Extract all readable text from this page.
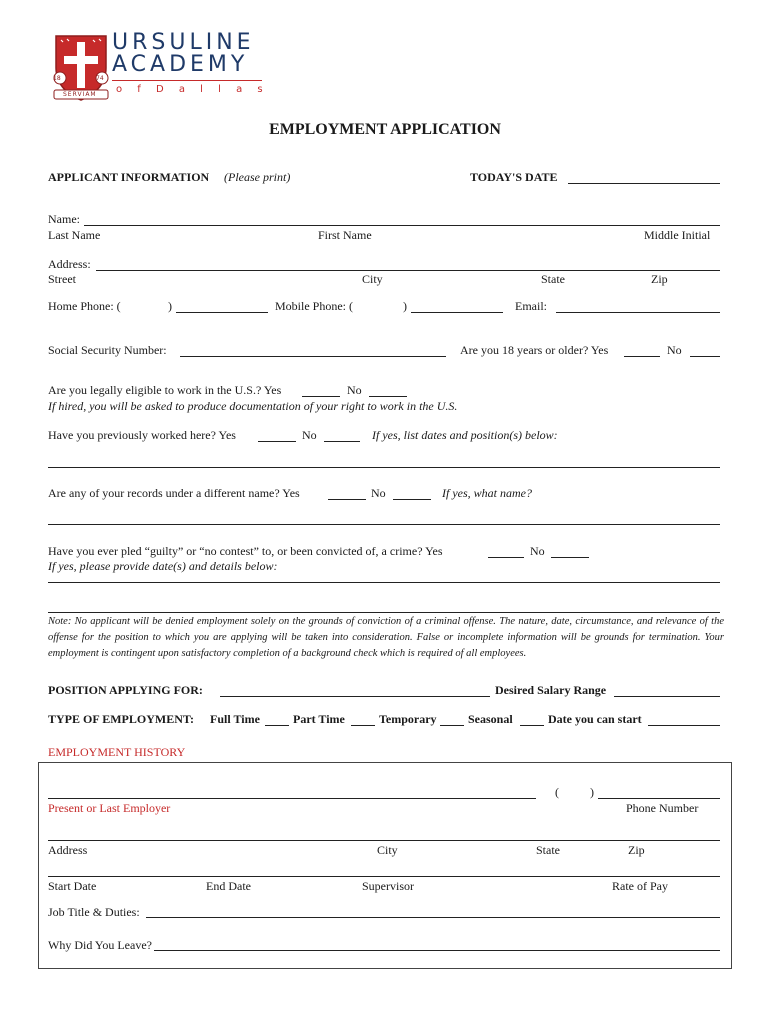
18	74
SERVIAM
URSULINE
ACADEMY
o f D a l l a s
EMPLOYMENT APPLICATION
APPLICANT INFORMATION (Please print)	TODAY'S DATE
Name:
Last Name	First Name	Middle Initial
Address:
Street	City	State	Zip
Home Phone: (	)	Mobile Phone: (	)	Email:
Social Security Number:	Are you 18 years or older? Yes	No
Are you legally eligible to work in the U.S.? Yes	No
If hired, you will be asked to produce documentation of your right to work in the U.S.
Have you previously worked here? Yes	No	If yes, list dates and position(s) below:
Are any of your records under a different name? Yes	No	If yes, what name?
Have you ever pled “guilty” or “no contest” to, or been convicted of, a crime? Yes	No
If yes, please provide date(s) and details below:
Note: No applicant will be denied employment solely on the grounds of conviction of a criminal offense. The nature, date, circumstance, and relevance of the offense for the position to which you are applying will be taken into consideration. False or incomplete information will be grounds for termination. Your employment is contingent upon satisfactory completion of a background check which is required of all employees.
POSITION APPLYING FOR:	Desired Salary Range
TYPE OF EMPLOYMENT: Full Time	Part Time	Temporary	Seasonal	Date you can start
EMPLOYMENT HISTORY
(	)
Present or Last Employer	Phone Number
Address	City	State	Zip
Start Date	End Date	Supervisor	Rate of Pay
Job Title & Duties:
Why Did You Leave?
